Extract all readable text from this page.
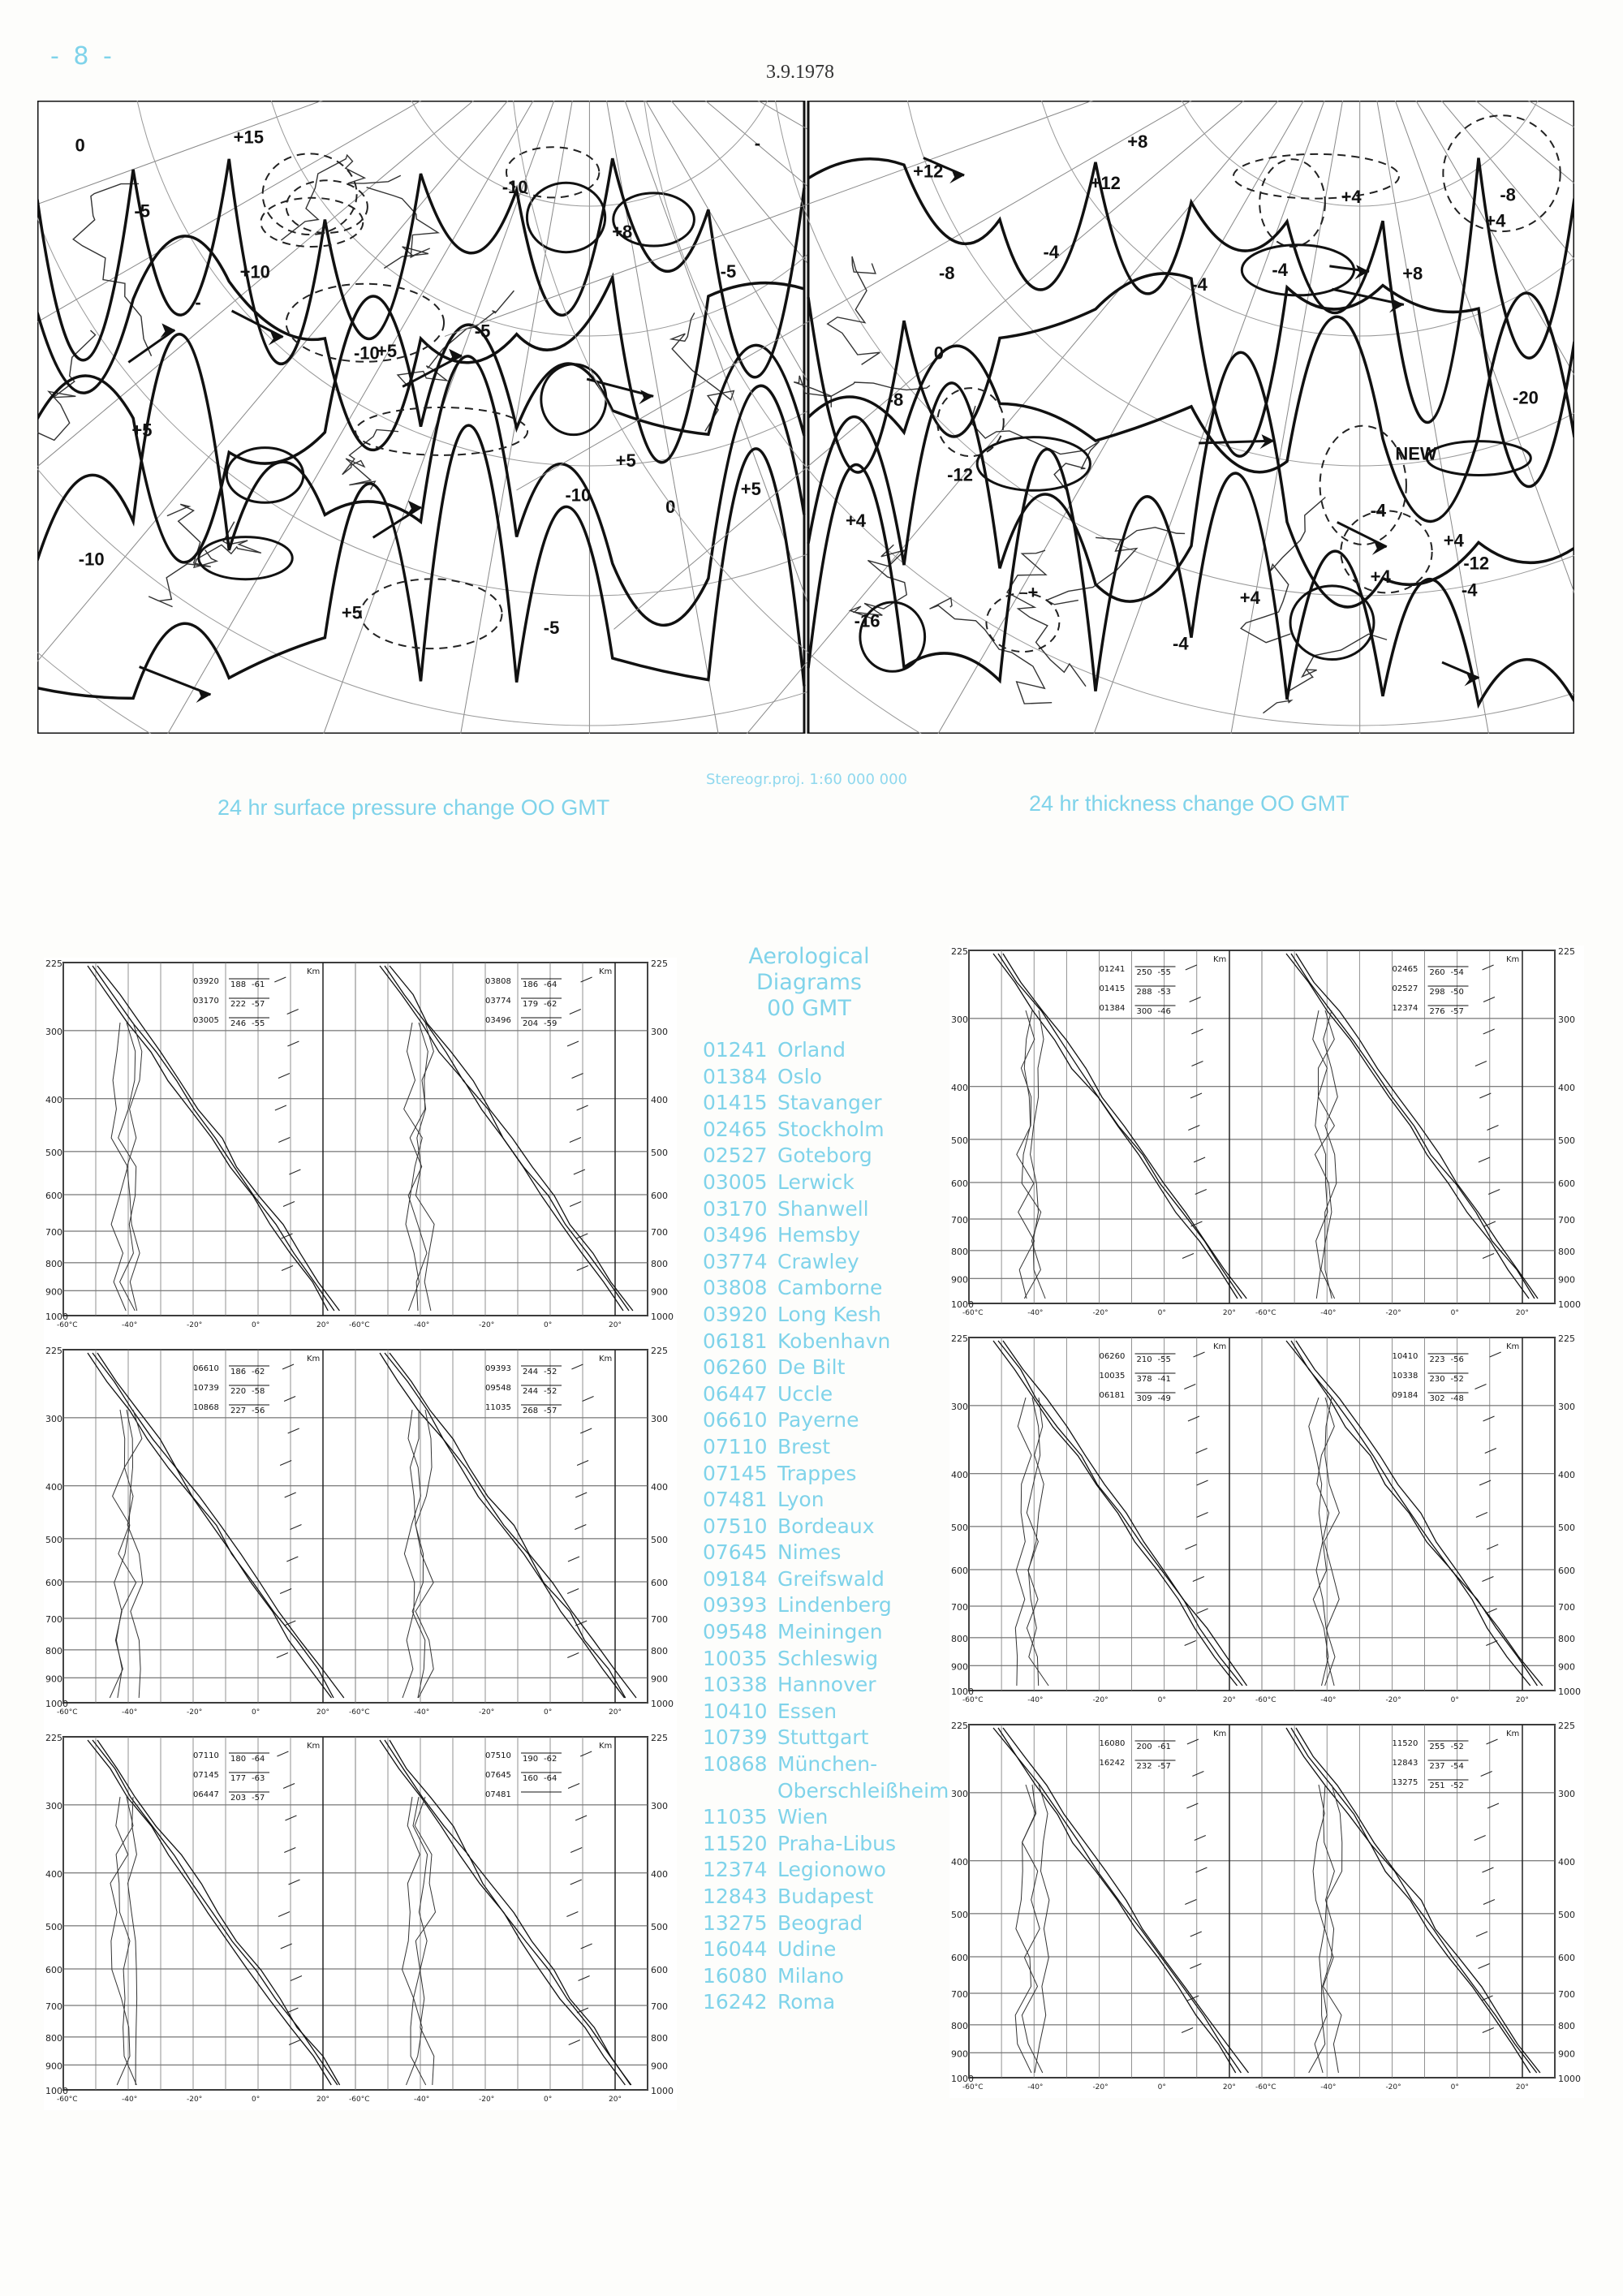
- 8 -
3.9.1978
-5
-10
+8
+5
-5
-10
+5
+5
+15
+5
+10	-5
-10
+5
-5
-10
0
0
-
-
+12
+8
+4	-4
-8
-12
+12
+8
+4
-4
+4
+
NEW
-8
-4
-20
-16
-12
-8
-4
+4
-4
-4
+4
+4
0
24 hr surface pressure change OO GMT
Stereogr.proj. 1:60 000 000
24 hr thickness change OO GMT
Aerological
Diagrams
00 GMT
01241 Orland
01384 Oslo
01415 Stavanger
02465 Stockholm
02527 Goteborg
03005 Lerwick
03170 Shanwell
03496 Hemsby
03774 Crawley
03808 Camborne
03920 Long Kesh
06181 Kobenhavn
06260 De Bilt
06447 Uccle
06610 Payerne
07110 Brest
07145 Trappes
07481 Lyon
07510 Bordeaux
07645 Nimes
09184 Greifswald
09393 Lindenberg
09548 Meiningen
10035 Schleswig
10338 Hannover
10410 Essen
10739 Stuttgart
10868 München-
Oberschleißheim
11035 Wien
11520 Praha-Libus
12374 Legionowo
12843 Budapest
13275 Beograd
16044 Udine
16080 Milano
16242 Roma
225	225
300	300
400	400
500	500
600	600
700	700
800	800
900	900
1000	1000
-60°C	-40°	-20°	0°	20°
Km
03920 188 -61
03170 222 -57
03005 246 -55
-60°C	-40°	-20°	0°	20°
Km
03808 186 -64
03774 179 -62
03496 204 -59
225	225
300	300
400	400
500	500
600	600
700	700
800	800
900	900
1000	1000
-60°C	-40°	-20°	0°	20°
Km
06610 186 -62
10739 220 -58
10868 227 -56
-60°C	-40°	-20°	0°	20°
Km
09393 244 -52
09548 244 -52
11035 268 -57
225	225
300	300
400	400
500	500
600	600
700	700
800	800
900	900
1000	1000
-60°C	-40°	-20°	0°	20°
Km
07110 180 -64
07145 177 -63
06447 203 -57
-60°C	-40°	-20°	0°	20°
Km
07510 190 -62
07645 160 -64
07481
225	225
300	300
400	400
500	500
600	600
700	700
800	800
900	900
1000	1000
-60°C	-40°	-20°	0°	20°
Km
01241 250 -55
01415 288 -53
01384 300 -46
-60°C	-40°	-20°	0°	20°
Km
02465 260 -54
02527 298 -50
12374 276 -57
225	225
300	300
400	400
500	500
600	600
700	700
800	800
900	900
1000	1000
-60°C	-40°	-20°	0°	20°
Km
06260 210 -55
10035 378 -41
06181 309 -49
-60°C	-40°	-20°	0°	20°
Km
10410 223 -56
10338 230 -52
09184 302 -48
225	225
300	300
400	400
500	500
600	600
700	700
800	800
900	900
1000	1000
-60°C	-40°	-20°	0°	20°
Km
16080 200 -61
16242 232 -57
-60°C	-40°	-20°	0°	20°
Km
11520 255 -52
12843 237 -54
13275 251 -52
